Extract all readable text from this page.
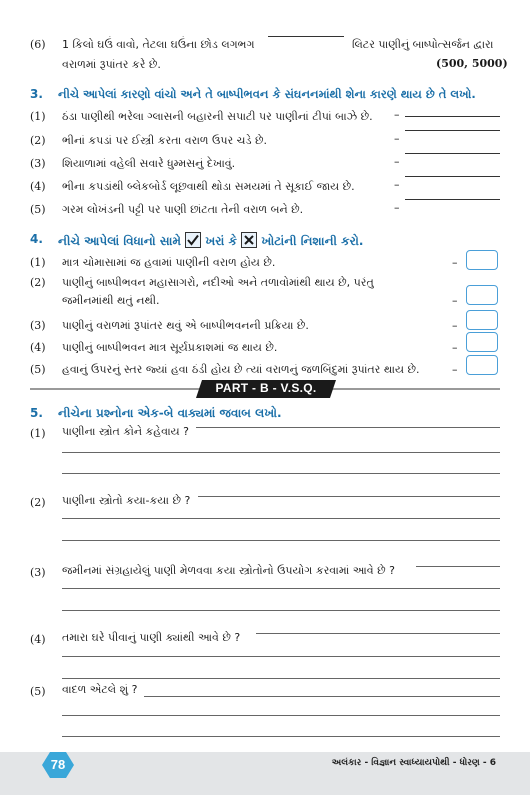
(6) 1 કિલો ઘઉં વાવો, તેટલા ઘઉંના છોડ લગભગ	લિટર પાણીનું બાષ્પોત્સર્જન દ્વારા
વરાળમાં રૂપાંતર કરે છે.	(500, 5000)
3. નીચે આપેલાં કારણો વાંચો અને તે બાષ્પીભવન કે સંઘનનમાંથી શેના કારણે થાય છે તે લખો.
(1) ઠંડા પાણીથી ભરેલા ગ્લાસની બહારની સપાટી પર પાણીનાં ટીપાં બાઝે છે. –
(2) ભીનાં કપડાં પર ઈસ્ત્રી કરતા વરાળ ઉપર ચડે છે.	–
(3) શિયાળામાં વહેલી સવારે ધુમ્મસનું દેખાવું.	–
(4) ભીના કપડાંથી બ્લેકબોર્ડ લૂછવાથી થોડા સમયમાં તે સૂકાઈ જાય છે.	–
(5) ગરમ લોખંડની પટ્ટી પર પાણી છાંટતા તેની વરાળ બને છે.	–
4. નીચે આપેલાં વિધાનો સામે ખરાં કે ખોટાંની નિશાની કરો.
(1) માત્ર ચોમાસામાં જ હવામાં પાણીની વરાળ હોય છે.	–
(2) પાણીનું બાષ્પીભવન મહાસાગરો, નદીઓ અને તળાવોમાંથી થાય છે, પરંતુ
જમીનમાંથી થતું નથી.	–
(3) પાણીનું વરાળમાં રૂપાંતર થવું એ બાષ્પીભવનની પ્રક્રિયા છે.	–
(4) પાણીનું બાષ્પીભવન માત્ર સૂર્યપ્રકાશમાં જ થાય છે.	–
(5) હવાનું ઉપરનું સ્તર જ્યાં હવા ઠંડી હોય છે ત્યાં વરાળનું જળબિંદુમાં રૂપાંતર થાય છે.	–
PART - B - V.S.Q.
5. નીચેના પ્રશ્નોના એક-બે વાક્યમાં જવાબ લખો.
(1) પાણીના સ્ત્રોત કોને કહેવાય ?
(2) પાણીના સ્ત્રોતો કયા-કયા છે ?
(3) જમીનમાં સંગ્રહાયેલું પાણી મેળવવા કયા સ્ત્રોતોનો ઉપયોગ કરવામાં આવે છે ?
(4) તમારા ઘરે પીવાનું પાણી ક્યાંથી આવે છે ?
(5) વાદળ એટલે શું ?
78	અલંકાર - વિજ્ઞાન સ્વાધ્યાયપોથી - ધોરણ - 6
